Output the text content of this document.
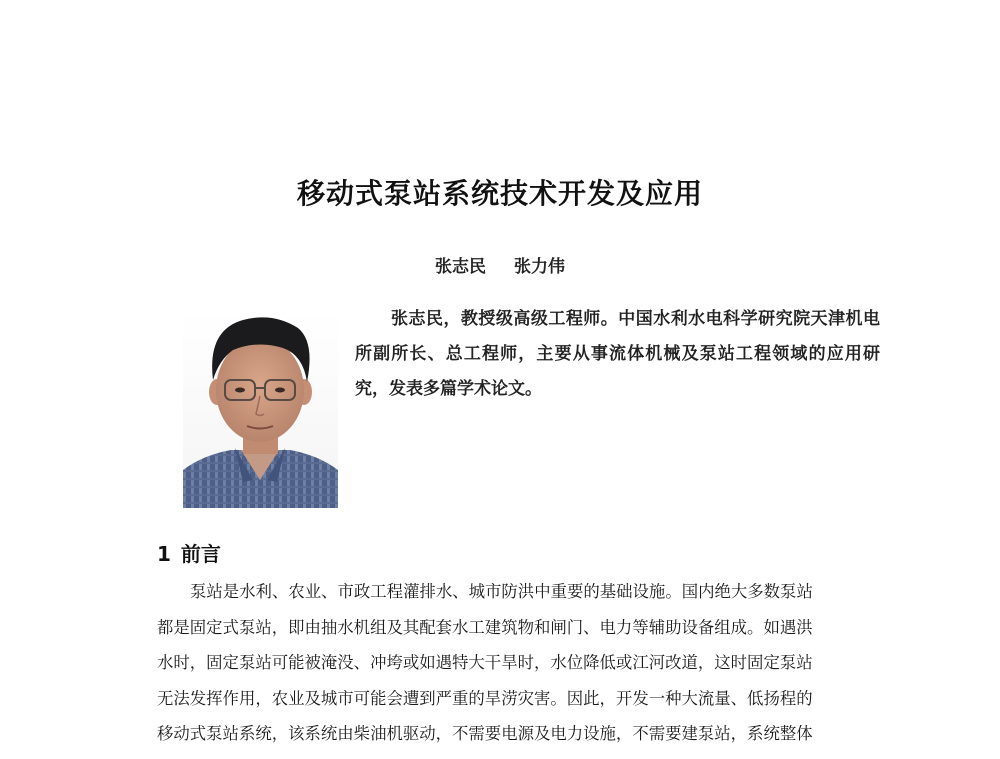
移动式泵站系统技术开发及应用
张志民 张力伟
张志民，教授级高级工程师。中国水利水电科学研究院天津机电所副所长、总工程师，主要从事流体机械及泵站工程领域的应用研究，发表多篇学术论文。
1 前言
泵站是水利、农业、市政工程灌排水、城市防洪中重要的基础设施。国内绝大多数泵站
都是固定式泵站，即由抽水机组及其配套水工建筑物和闸门、电力等辅助设备组成。如遇洪
水时，固定泵站可能被淹没、冲垮或如遇特大干旱时，水位降低或江河改道，这时固定泵站
无法发挥作用，农业及城市可能会遭到严重的旱涝灾害。因此，开发一种大流量、低扬程的
移动式泵站系统，该系统由柴油机驱动，不需要电源及电力设施，不需要建泵站，系统整体
